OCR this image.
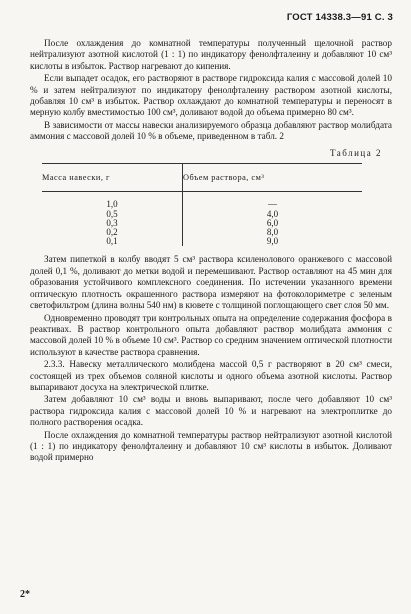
ГОСТ 14338.3—91 С. 3

После охлаждения до комнатной температуры полученный щелочной раствор нейтрализуют азотной кислотой (1 : 1) по индикатору фенолфталеину и добавляют 10 см³ кислоты в избыток. Раствор нагревают до кипения.

Если выпадет осадок, его растворяют в растворе гидроксида калия с массовой долей 10 % и затем нейтрализуют по индикатору фенолфталеину раствором азотной кислоты, добавляя 10 см³ в избыток. Раствор охлаждают до комнатной температуры и переносят в мерную колбу вместимостью 100 см³, доливают водой до объема примерно 80 см³.

В зависимости от массы навески анализируемого образца добавляют раствор молибдата аммония с массовой долей 10 % в объеме, приведенном в табл. 2

Таблица 2
Масса навески, г	Объем раствора, см³

1,0	—
0,5	4,0
0,3	6,0
0,2	8,0
0,1	9,0

Затем пипеткой в колбу вводят 5 см³ раствора ксиленолового оранжевого с массовой долей 0,1 %, доливают до метки водой и перемешивают. Раствор оставляют на 45 мин для образования устойчивого комплексного соединения. По истечении указанного времени оптическую плотность окрашенного раствора измеряют на фотоколориметре с зеленым светофильтром (длина волны 540 нм) в кювете с толщиной поглощающего свет слоя 50 мм.

Одновременно проводят три контрольных опыта на определение содержания фосфора в реактивах. В раствор контрольного опыта добавляют раствор молибдата аммония с массовой долей 10 % в объеме 10 см³. Раствор со средним значением оптической плотности используют в качестве раствора сравнения.

2.3.3. Навеску металлического молибдена массой 0,5 г растворяют в 20 см³ смеси, состоящей из трех объемов соляной кислоты и одного объема азотной кислоты. Раствор выпаривают досуха на электрической плитке.

Затем добавляют 10 см³ воды и вновь выпаривают, после чего добавляют 10 см³ раствора гидроксида калия с массовой долей 10 % и нагревают на электроплитке до полного растворения осадка.

После охлаждения до комнатной температуры раствор нейтрализуют азотной кислотой (1 : 1) по индикатору фенолфталеину и добавляют 10 см³ кислоты в избыток. Доливают водой примерно

2*
